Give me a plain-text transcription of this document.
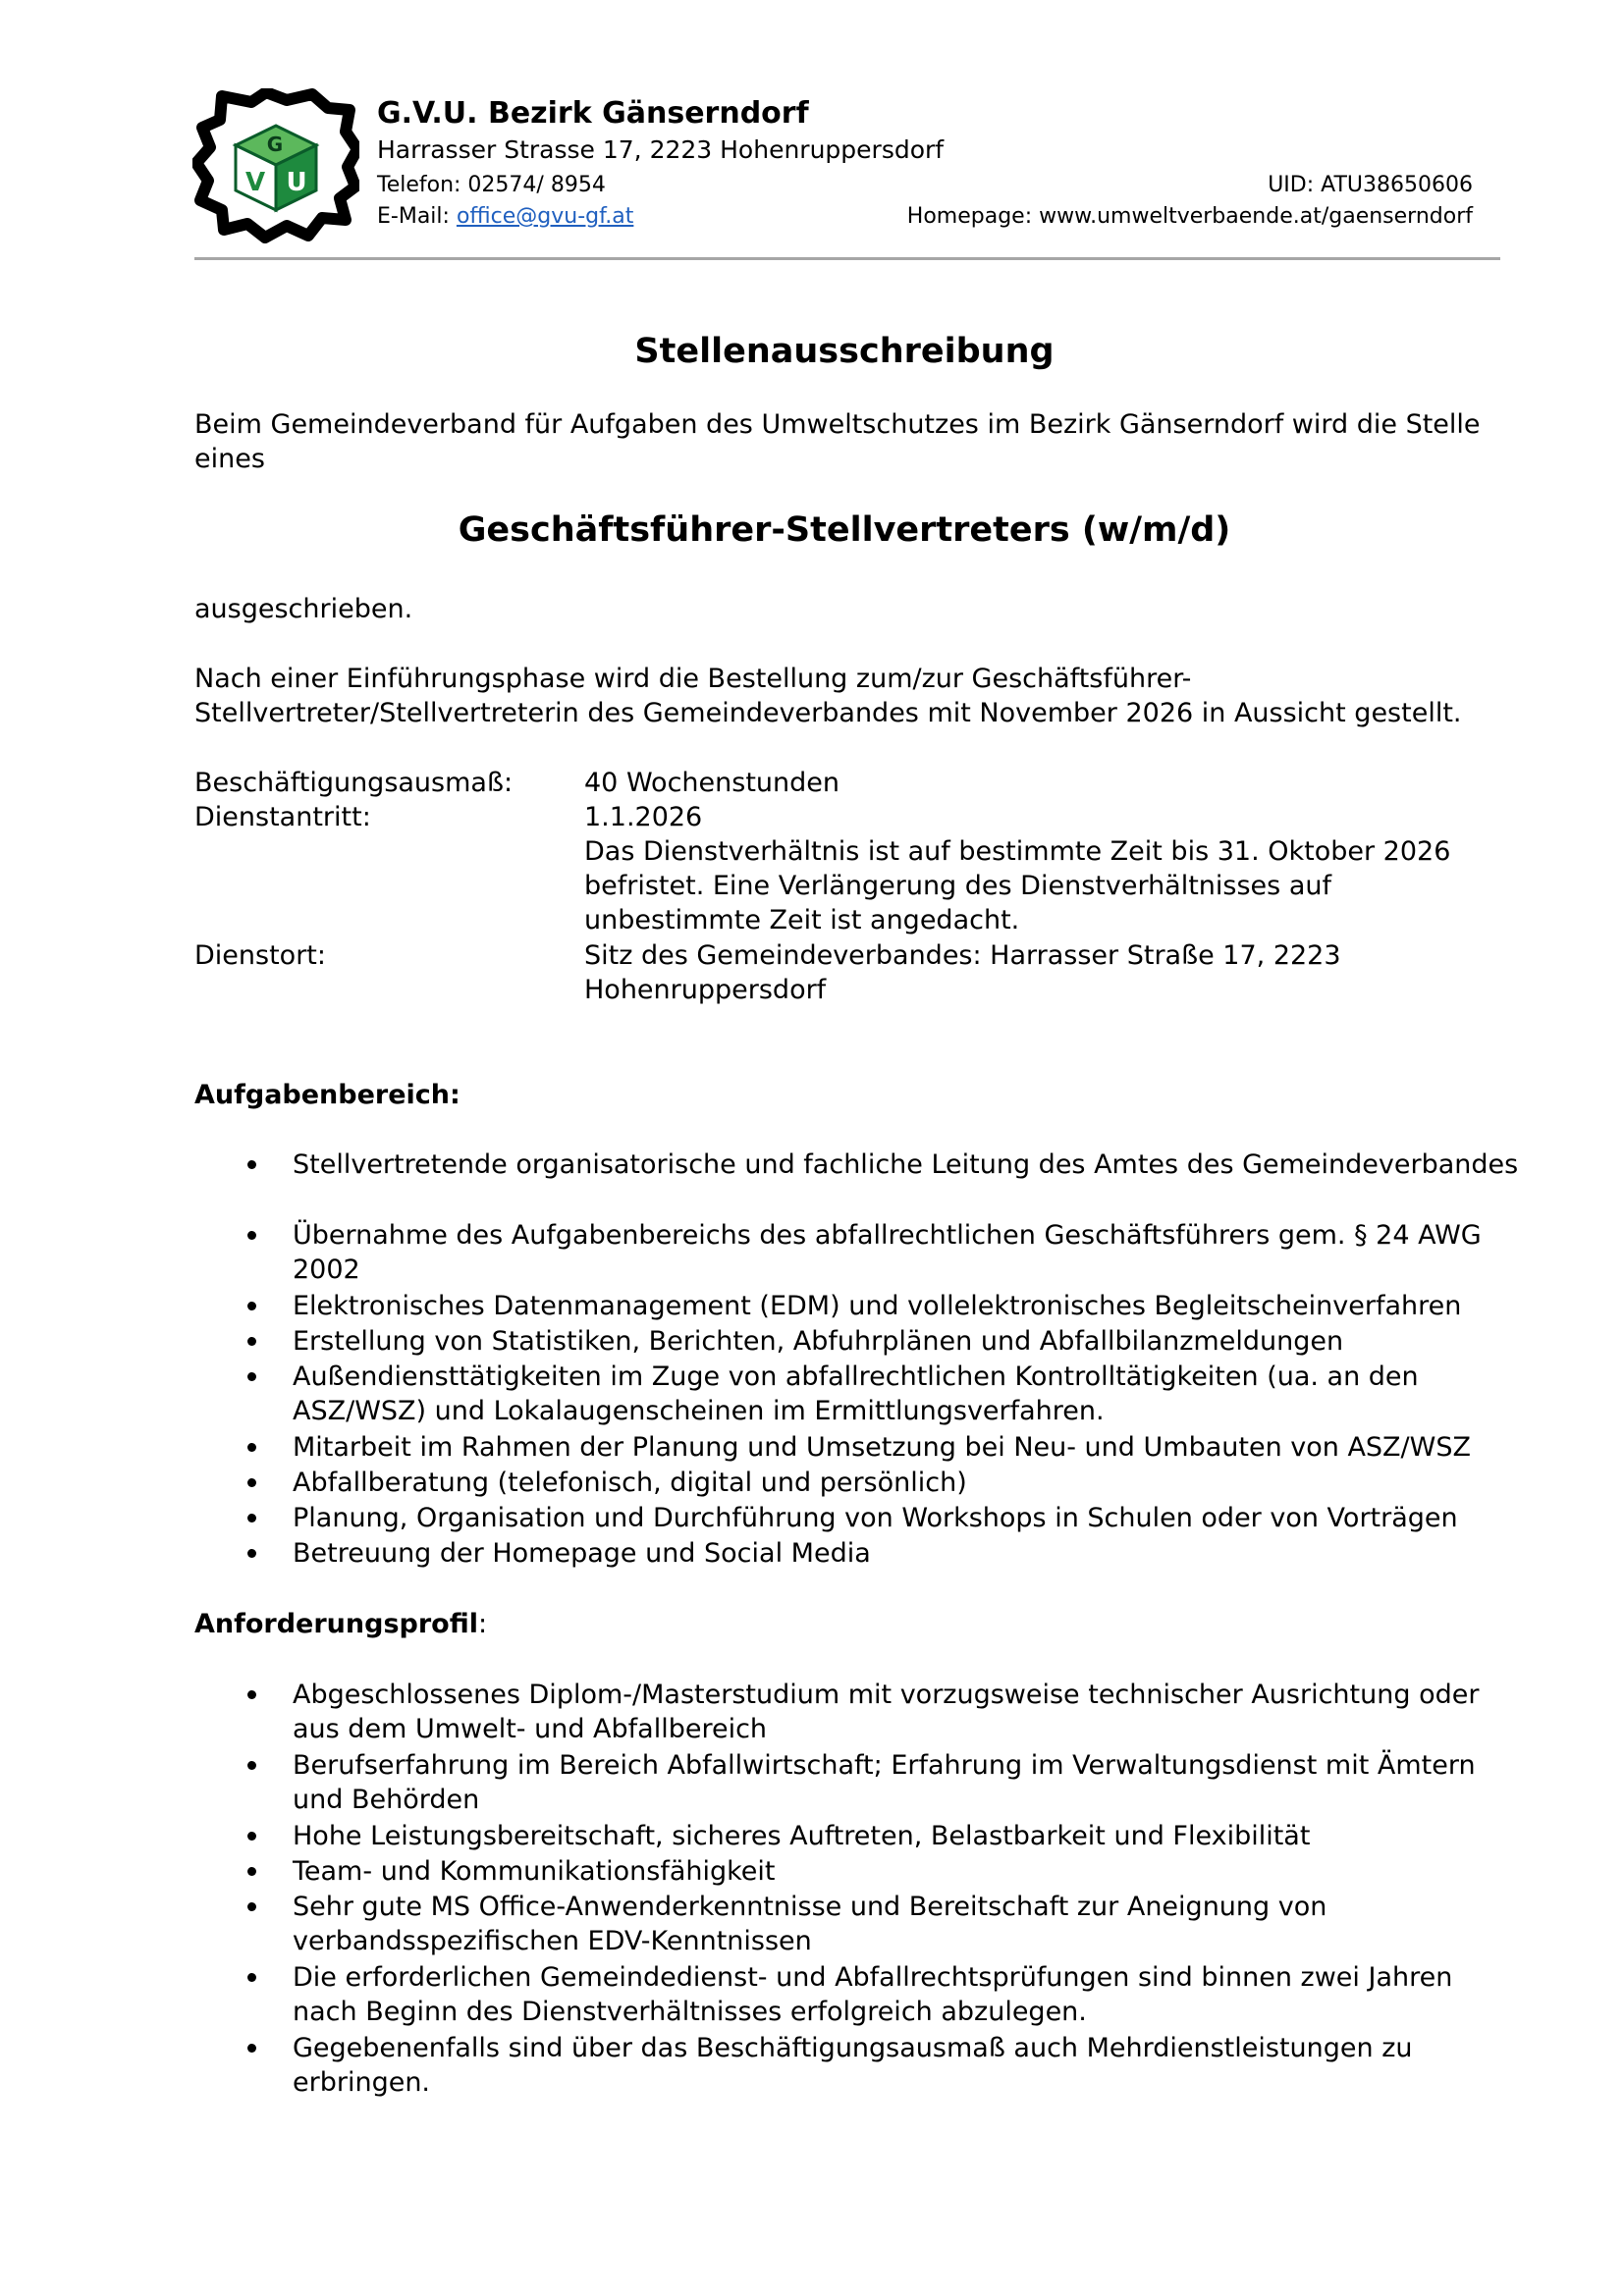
G
V U
G.V.U. Bezirk Gänserndorf
Harrasser Strasse 17, 2223 Hohenruppersdorf
Telefon: 02574/ 8954	UID: ATU38650606
E-Mail: office@gvu-gf.at	Homepage: www.umweltverbaende.at/gaenserndorf
Stellenausschreibung
Beim Gemeindeverband für Aufgaben des Umweltschutzes im Bezirk Gänserndorf wird die Stelle eines
Geschäftsführer-Stellvertreters (w/m/d)
ausgeschrieben.
Nach einer Einführungsphase wird die Bestellung zum/zur Geschäftsführer-Stellvertreter/Stellvertreterin des Gemeindeverbandes mit November 2026 in Aussicht gestellt.
Beschäftigungsausmaß:	40 Wochenstunden
Dienstantritt:	1.1.2026
Das Dienstverhältnis ist auf bestimmte Zeit bis 31. Oktober 2026 befristet. Eine Verlängerung des Dienstverhältnisses auf unbestimmte Zeit ist angedacht.
Dienstort:	Sitz des Gemeindeverbandes: Harrasser Straße 17, 2223 Hohenruppersdorf
Aufgabenbereich:
Stellvertretende organisatorische und fachliche Leitung des Amtes des Gemeindeverbandes
Übernahme des Aufgabenbereichs des abfallrechtlichen Geschäftsführers gem. § 24 AWG 2002
Elektronisches Datenmanagement (EDM) und vollelektronisches Begleitscheinverfahren
Erstellung von Statistiken, Berichten, Abfuhrplänen und Abfallbilanzmeldungen
Außendiensttätigkeiten im Zuge von abfallrechtlichen Kontrolltätigkeiten (ua. an den ASZ/WSZ) und Lokalaugenscheinen im Ermittlungsverfahren.
Mitarbeit im Rahmen der Planung und Umsetzung bei Neu- und Umbauten von ASZ/WSZ
Abfallberatung (telefonisch, digital und persönlich)
Planung, Organisation und Durchführung von Workshops in Schulen oder von Vorträgen
Betreuung der Homepage und Social Media
Anforderungsprofil:
Abgeschlossenes Diplom-/Masterstudium mit vorzugsweise technischer Ausrichtung oder aus dem Umwelt- und Abfallbereich
Berufserfahrung im Bereich Abfallwirtschaft; Erfahrung im Verwaltungsdienst mit Ämtern und Behörden
Hohe Leistungsbereitschaft, sicheres Auftreten, Belastbarkeit und Flexibilität
Team- und Kommunikationsfähigkeit
Sehr gute MS Office-Anwenderkenntnisse und Bereitschaft zur Aneignung von verbandsspezifischen EDV-Kenntnissen
Die erforderlichen Gemeindedienst- und Abfallrechtsprüfungen sind binnen zwei Jahren nach Beginn des Dienstverhältnisses erfolgreich abzulegen.
Gegebenenfalls sind über das Beschäftigungsausmaß auch Mehrdienstleistungen zu erbringen.
